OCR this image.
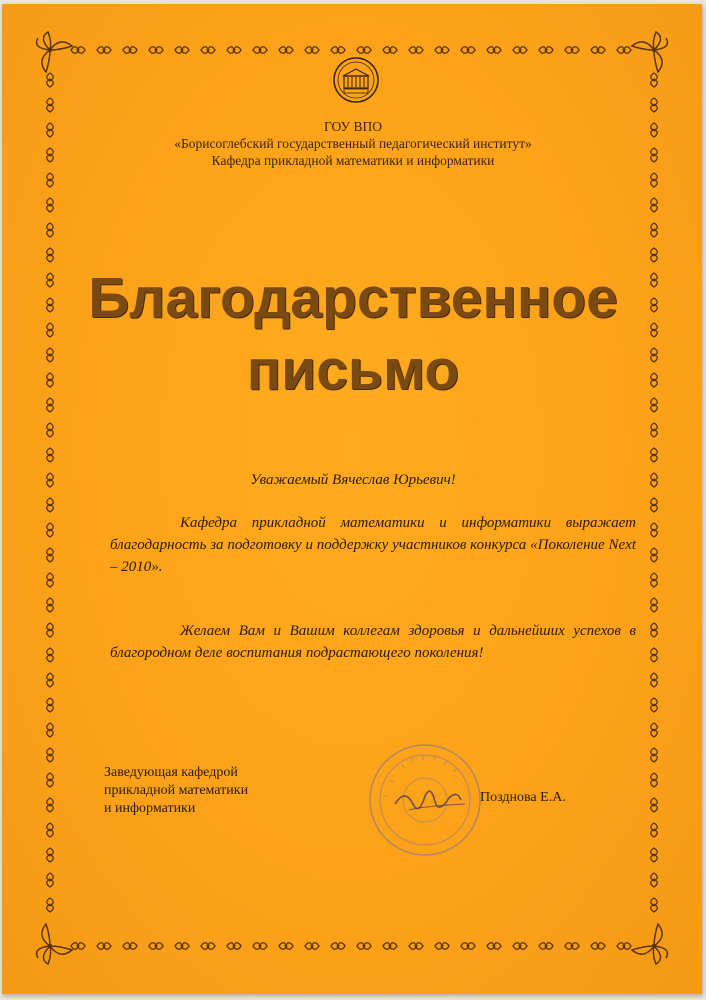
ГОУ ВПО
«Борисоглебский государственный педагогический институт»
Кафедра прикладной математики и информатики
Благодарственное
письмо
Уважаемый Вячеслав Юрьевич!
Кафедра прикладной математики и информатики выражает благодарность за подготовку и поддержку участников конкурса «Поколение Next – 2010».
Желаем Вам и Вашим коллегам здоровья и дальнейших успехов в благородном деле воспитания подрастающего поколения!
Заведующая кафедрой
прикладной математики
и информатики
Позднова Е.А.
